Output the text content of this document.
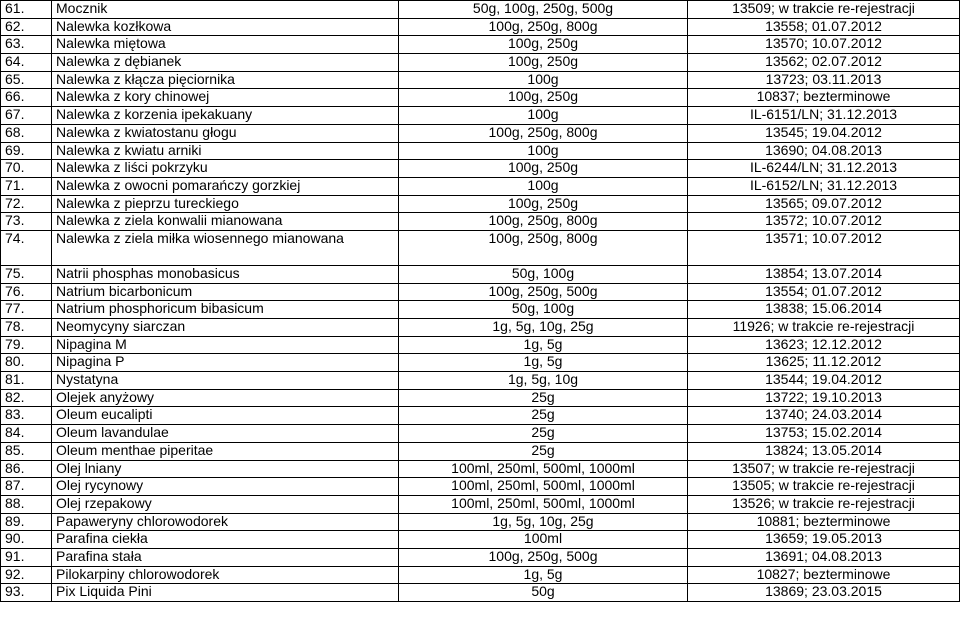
61.	Mocznik	50g, 100g, 250g, 500g	13509; w trakcie re-rejestracji
62.	Nalewka kozłkowa	100g, 250g, 800g	13558; 01.07.2012
63.	Nalewka miętowa	100g, 250g	13570; 10.07.2012
64.	Nalewka z dębianek	100g, 250g	13562; 02.07.2012
65.	Nalewka z kłącza pięciornika	100g	13723; 03.11.2013
66.	Nalewka z kory chinowej	100g, 250g	10837; bezterminowe
67.	Nalewka z korzenia ipekakuany	100g	IL-6151/LN; 31.12.2013
68.	Nalewka z kwiatostanu głogu	100g, 250g, 800g	13545; 19.04.2012
69.	Nalewka z kwiatu arniki	100g	13690; 04.08.2013
70.	Nalewka z liści pokrzyku	100g, 250g	IL-6244/LN; 31.12.2013
71.	Nalewka z owocni pomarańczy gorzkiej	100g	IL-6152/LN; 31.12.2013
72.	Nalewka z pieprzu tureckiego	100g, 250g	13565; 09.07.2012
73.	Nalewka z ziela konwalii mianowana	100g, 250g, 800g	13572; 10.07.2012
74.	Nalewka z ziela miłka wiosennego mianowana	100g, 250g, 800g	13571; 10.07.2012
75.	Natrii phosphas monobasicus	50g, 100g	13854; 13.07.2014
76.	Natrium bicarbonicum	100g, 250g, 500g	13554; 01.07.2012
77.	Natrium phosphoricum bibasicum	50g, 100g	13838; 15.06.2014
78.	Neomycyny siarczan	1g, 5g, 10g, 25g	11926; w trakcie re-rejestracji
79.	Nipagina M	1g, 5g	13623; 12.12.2012
80.	Nipagina P	1g, 5g	13625; 11.12.2012
81.	Nystatyna	1g, 5g, 10g	13544; 19.04.2012
82.	Olejek anyżowy	25g	13722; 19.10.2013
83.	Oleum eucalipti	25g	13740; 24.03.2014
84.	Oleum lavandulae	25g	13753; 15.02.2014
85.	Oleum menthae piperitae	25g	13824; 13.05.2014
86.	Olej lniany	100ml, 250ml, 500ml, 1000ml	13507; w trakcie re-rejestracji
87.	Olej rycynowy	100ml, 250ml, 500ml, 1000ml	13505; w trakcie re-rejestracji
88.	Olej rzepakowy	100ml, 250ml, 500ml, 1000ml	13526; w trakcie re-rejestracji
89.	Papaweryny chlorowodorek	1g, 5g, 10g, 25g	10881; bezterminowe
90.	Parafina ciekła	100ml	13659; 19.05.2013
91.	Parafina stała	100g, 250g, 500g	13691; 04.08.2013
92.	Pilokarpiny chlorowodorek	1g, 5g	10827; bezterminowe
93.	Pix Liquida Pini	50g	13869; 23.03.2015
